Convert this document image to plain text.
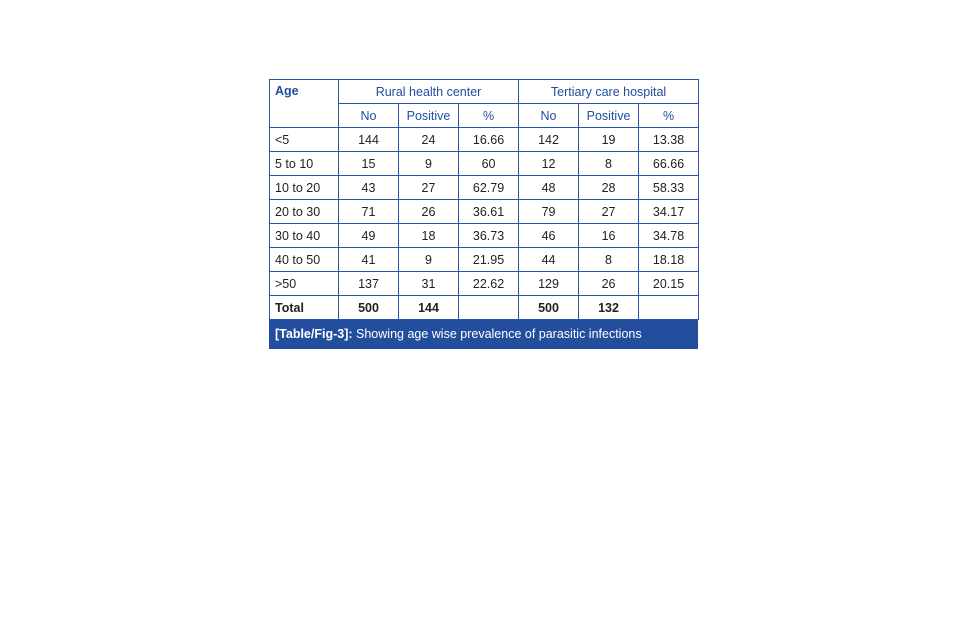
Age	Rural health center			Tertiary care hospital		
	No	Positive	%	No	Positive	%
<5	144	24	16.66	142	19	13.38
5 to 10	15	9	60	12	8	66.66
10 to 20	43	27	62.79	48	28	58.33
20 to 30	71	26	36.61	79	27	34.17
30 to 40	49	18	36.73	46	16	34.78
40 to 50	41	9	21.95	44	8	18.18
>50	137	31	22.62	129	26	20.15
Total	500	144		500	132	
[Table/Fig-3]: Showing age wise prevalence of parasitic infections
